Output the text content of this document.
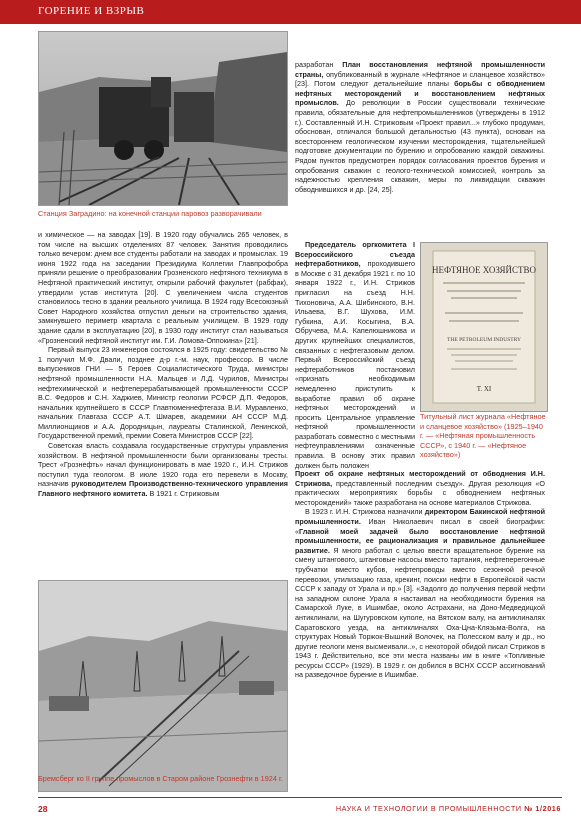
ГОРЕНИЕ И ВЗРЫВ
Станция Заградино: на конечной станции паровоз разворачивали

и химическое — на заводах [19]. В 1920 году обучались 265 человек, в том числе на высших отделениях 87 человек. Занятия проводились только вечером: днем все студенты работали на заводах и промыслах. 19 июня 1922 года на заседании Президиума Коллегии Главпрофобра приняли решение о преобразовании Грозненского нефтяного техникума в Нефтяной практический институт, открыли рабочий факультет (рабфак), утвердили устав института [20]. С увеличением числа студентов становилось тесно в здании реального училища. В 1924 году Всесоюзный Совет Народного хозяйства отпустил деньги на строительство здания, замкнувшего периметр квартала с реальным училищем. В 1929 году здание сдали в эксплуатацию [20], в 1930 году институт стал называться «Грозненский нефтяной институт им. Г.И. Ломова-Оппокина» [21].

Первый выпуск 23 инженеров состоялся в 1925 году: свидетельство № 1 получил М.Ф. Двали, позднее д-р г.-м. наук, профессор. В числе выпускников ГНИ — 5 Героев Социалистического Труда, министры нефтяной промышленности Н.А. Мальцев и Л.Д. Чурилов, Министры нефтехимической и нефтеперерабатывающей промышленности СССР В.С. Федоров и С.Н. Хаджиев, Министр геологии РСФСР Д.П. Федоров, начальник крупнейшего в СССР Главтюменнефтегаза В.И. Муравленко, начальник Главгаза СССР А.Т. Шмарев, академики АН СССР М.Д. Миллионщиков и А.А. Дородницын, лауреаты Сталинской, Ленинской, Государственной премий, премии Совета Министров СССР [22].

Советская власть создавала государственные структуры управления хозяйством. В нефтяной промышленности были организованы тресты. Трест «Грознефть» начал функционировать в мае 1920 г., И.Н. Стрижов поступил туда геологом. В июле 1920 года его перевели в Москву, назначив руководителем Производственно-технического управления Главного нефтяного комитета. В 1921 г. Стрижовым

Бремсберг ко II группе промыслов в Старом районе Грознефти в 1924 г.

разработан План восстановления нефтяной промышленности страны, опубликованный в журнале «Нефтяное и сланцевое хозяйство» [23]. Потом следуют детальнейшие планы борьбы с обводнением нефтяных месторождений и восстановлением нефтяных промыслов. До революции в России существовали технические правила, обязательные для нефтепромышленников (утверждены в 1912 г.). Составленный И.Н. Стрижовым «Проект правил...» глубоко продуман, обоснован, отличался большой детальностью (43 пункта), основан на всестороннем геологическом изучении месторождения, тщательнейшей подготовке документации по бурению и опробованию каждой скважины. Рядом пунктов предусмотрен порядок согласования проектов бурения и опробования скважин с геолого-технической комиссией, контроль за надежностью крепления скважин, меры по ликвидации скважин обводнившихся и др. [24, 25].

Председатель оргкомитета I Всероссийского съезда нефтеработников, проходившего в Москве с 31 декабря 1921 г. по 10 января 1922 г., И.Н. Стрижов пригласил на съезд Н.Н. Тихоновича, А.А. Шибинского, В.Н. Ильаева, В.Г. Шухова, И.М. Губкина, А.И. Косыгина, В.А. Обручева, М.А. Капелюшникова и других крупнейших специалистов, связанных с нефтегазовым делом. Первый Всероссийский съезд нефтеработников постановил «признать необходимым немедленно приступить к выработке правил об охране нефтяных месторождений и просить Центральное управление нефтяной промышленности разработать совместно с местными нефтеуправлениями означенные правила. В основу этих правил должен быть положен

НЕФТЯНОЕ ХОЗЯЙСТВО
THE PETROLEUM INDUSTRY
Т. XI
Титульный лист журнала «Нефтяное и сланцевое хозяйство» (1925–1940 г. — «Нефтяная промышленность СССР», с 1940 г. — «Нефтяное хозяйство»)

Проект об охране нефтяных месторождений от обводнения И.Н. Стрижова, представленный последним съезду». Другая резолюция «О практических мероприятиях борьбы с обводнением нефтяных месторождений» также разработана на основе материалов Стрижова.

В 1923 г. И.Н. Стрижова назначили директором Бакинской нефтяной промышленности. Иван Николаевич писал в своей биографии: «Главной моей задачей было восстановление нефтяной промышленности, ее рационализация и правильное дальнейшее развитие. Я много работал с целью ввести вращательное бурение на смену штангового, штанговые насосы вместо тартания, нефтеперегонные трубчатки вместо кубов, нефтепроводы вместо сезонной речной перевозки, утилизацию газа, крекинг, поиски нефти в Европейской части СССР к западу от Урала и пр.» [3]. «Задолго до получения первой нефти на западном склоне Урала я настаивал на необходимости бурения на Самарской Луке, в Ишимбае, около Астрахани, на Доно-Медведицкой антиклинали, на Шугуровском куполе, на Вятском валу, на антиклиналях Саратовского уезда, на антиклиналях Оха-Цна-Клязьма-Волга, на структурах Новый Торжок-Вышний Волочек, на Полесском валу и др., но другие геологи меня высмеивали..», с некоторой обидой писал Стрижов в 1943 г. Действительно, все эти места названы им в книге «Топливные ресурсы СССР» (1929). В 1929 г. он добился в ВСНХ СССР ассигнований на разведочное бурение в Ишимбае.

28	НАУКА И ТЕХНОЛОГИИ В ПРОМЫШЛЕННОСТИ № 1/2016
